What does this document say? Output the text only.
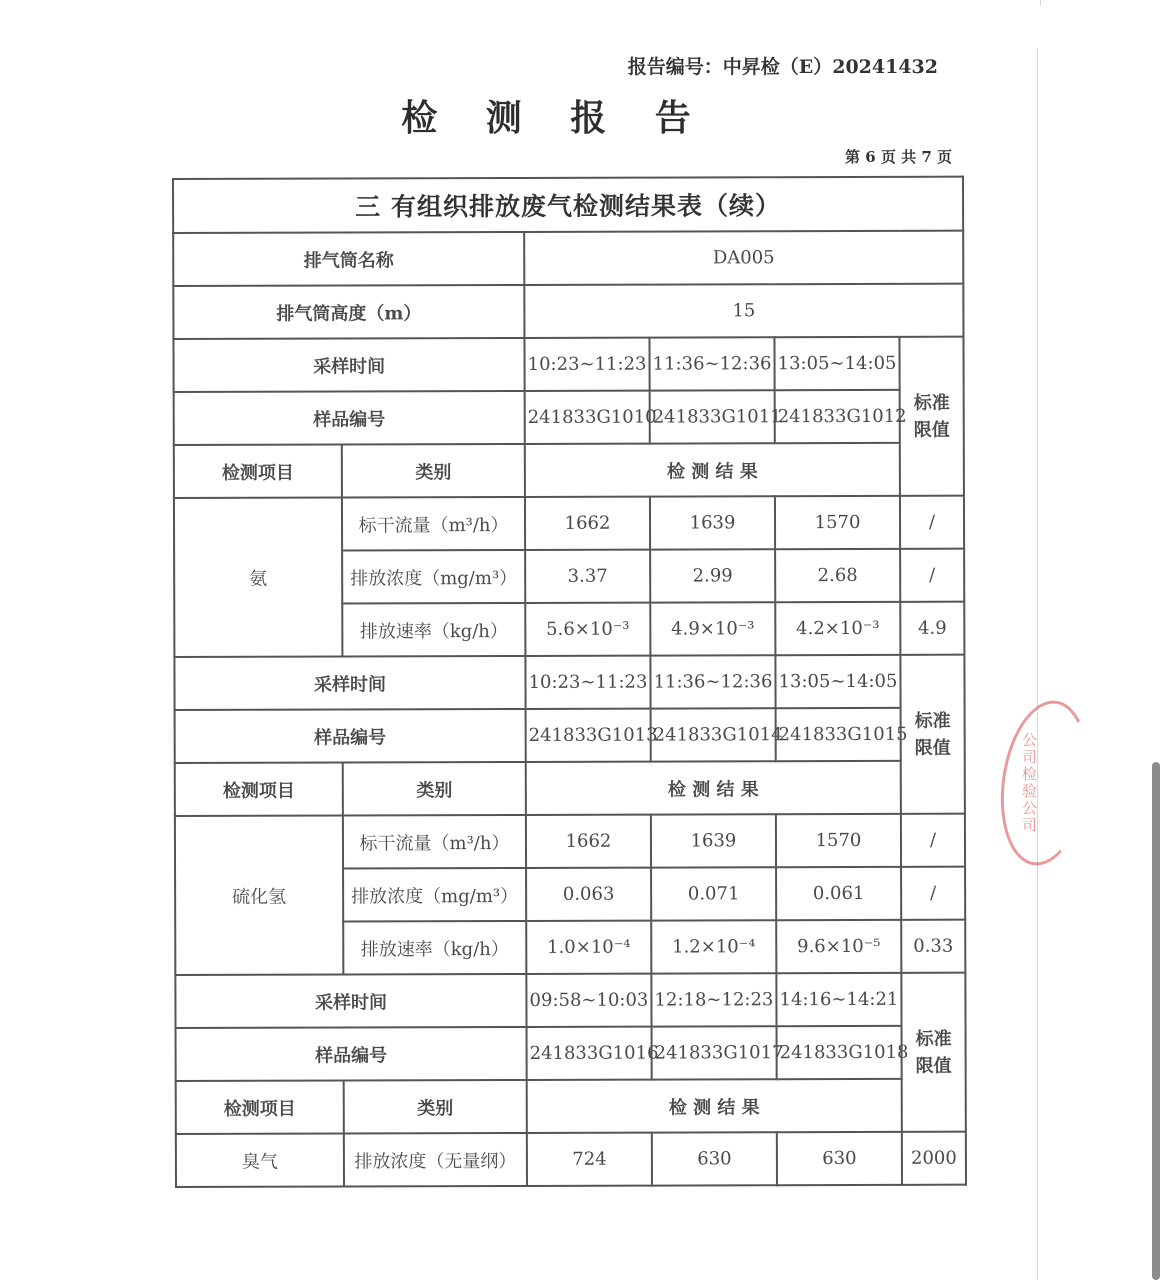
公司检验公司
报告编号：中昇检（E）20241432
检 测 报 告
第 6 页 共 7 页
三 有组织排放废气检测结果表（续）					
排气筒名称		DA005			
排气筒高度（m）		15			
采样时间		10:23~11:23	11:36~12:36	13:05~14:05	标准
限值
样品编号		241833G1010	241833G1011	241833G1012	
检测项目	类别	检 测 结 果			
氨	标干流量（m³/h）	1662	1639	1570	/
	排放浓度（mg/m³）	3.37	2.99	2.68	/
	排放速率（kg/h）	5.6×10⁻³	4.9×10⁻³	4.2×10⁻³	4.9
采样时间		10:23~11:23	11:36~12:36	13:05~14:05	标准
限值
样品编号		241833G1013	241833G1014	241833G1015	
检测项目	类别	检 测 结 果			
硫化氢	标干流量（m³/h）	1662	1639	1570	/
	排放浓度（mg/m³）	0.063	0.071	0.061	/
	排放速率（kg/h）	1.0×10⁻⁴	1.2×10⁻⁴	9.6×10⁻⁵	0.33
采样时间		09:58~10:03	12:18~12:23	14:16~14:21	标准
限值
样品编号		241833G1016	241833G1017	241833G1018	
检测项目	类别	检 测 结 果			
臭气	排放浓度（无量纲）	724	630	630	2000
